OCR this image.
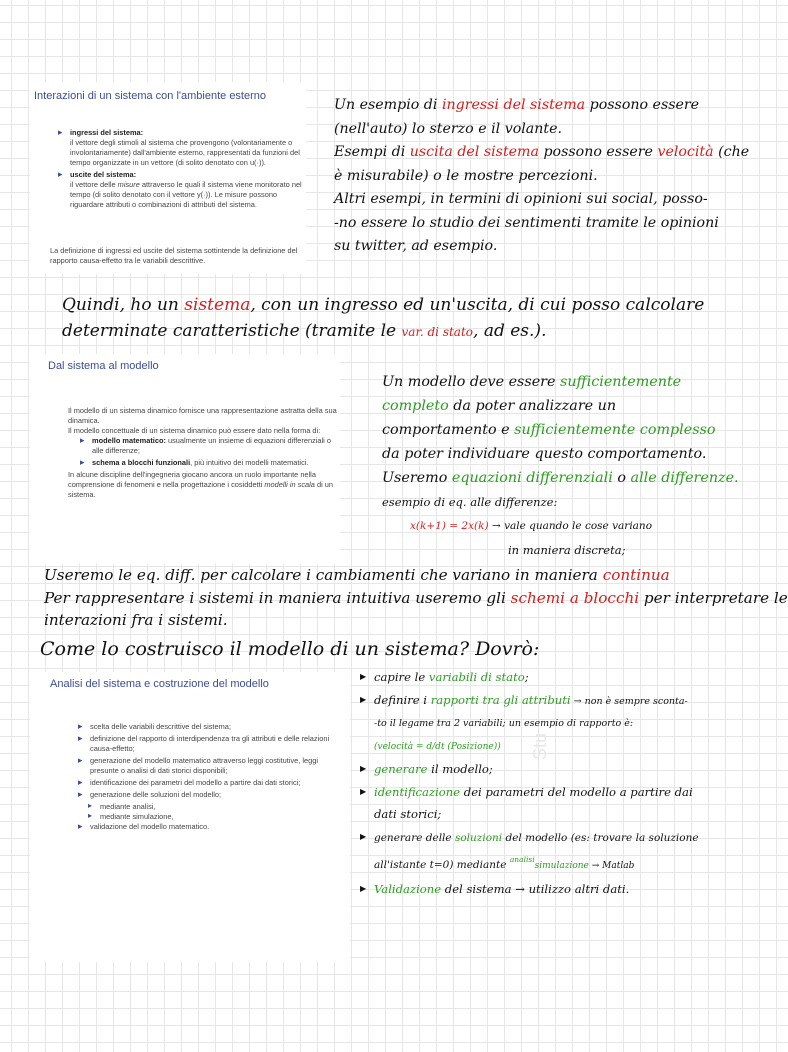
Interazioni di un sistema con l'ambiente esterno
▸ ingressi del sistema:
il vettore degli stimoli al sistema che provengono (volontariamente o involontariamente) dall'ambiente esterno, rappresentati da funzioni del tempo organizzate in un vettore (di solito denotato con u(·)).
▸ uscite del sistema:
il vettore delle misure attraverso le quali il sistema viene monitorato nel tempo (di solito denotato con il vettore y(·)). Le misure possono riguardare attributi o combinazioni di attributi del sistema.
La definizione di ingressi ed uscite del sistema sottintende la definizione del rapporto causa-effetto tra le variabili descrittive.
Dal sistema al modello

Il modello di un sistema dinamico fornisce una rappresentazione astratta della sua dinamica.

Il modello concettuale di un sistema dinamico può essere dato nella forma di:

▸ modello matematico: usualmente un insieme di equazioni differenziali o alle differenze;
▸ schema a blocchi funzionali, più intuitivo dei modelli matematici.

In alcune discipline dell'ingegneria giocano ancora un ruolo importante nella comprensione di fenomeni e nella progettazione i cosiddetti modelli in scala di un sistema.

Analisi del sistema e costruzione del modello
▸ scelta delle variabili descrittive del sistema;
▸ definizione del rapporto di interdipendenza tra gli attributi e delle relazioni causa-effetto;
▸ generazione del modello matematico attraverso leggi costitutive, leggi presunte o analisi di dati storici disponibili;
▸ identificazione dei parametri del modello a partire dai dati storici;
▸ generazione delle soluzioni del modello;
▸ mediante analisi,
▸ mediante simulazione,
▸ validazione del modello matematico.
Un esempio di ingressi del sistema possono essere
(nell'auto) lo sterzo e il volante.
Esempi di uscita del sistema possono essere velocità (che
è misurabile) o le mostre percezioni.
Altri esempi, in termini di opinioni sui social, posso-
-no essere lo studio dei sentimenti tramite le opinioni
su twitter, ad esempio.
Quindi, ho un sistema, con un ingresso ed un'uscita, di cui posso calcolare
determinate caratteristiche (tramite le var. di stato, ad es.).
Un modello deve essere sufficientemente
completo da poter analizzare un
comportamento e sufficientemente complesso
da poter individuare questo comportamento.
Useremo equazioni differenziali o alle differenze.
esempio di eq. alle differenze:
x(k+1) = 2x(k) → vale quando le cose variano
in maniera discreta;
Useremo le eq. diff. per calcolare i cambiamenti che variano in maniera continua
Per rappresentare i sistemi in maniera intuitiva useremo gli schemi a blocchi per interpretare le
interazioni fra i sistemi.
Come lo costruisco il modello di un sistema? Dovrò:
▶ capire le variabili di stato;
▶ definire i rapporti tra gli attributi → non è sempre sconta-
-to il legame tra 2 variabili; un esempio di rapporto è:
(velocità = d/dt (Posizione))
▶ generare il modello;
▶ identificazione dei parametri del modello a partire dai
dati storici;
▶ generare delle soluzioni del modello (es: trovare la soluzione
all'istante t=0) mediante $^{analisi}$simulazione → Matlab
▶ Validazione del sistema → utilizzo altri dati.
Stu
